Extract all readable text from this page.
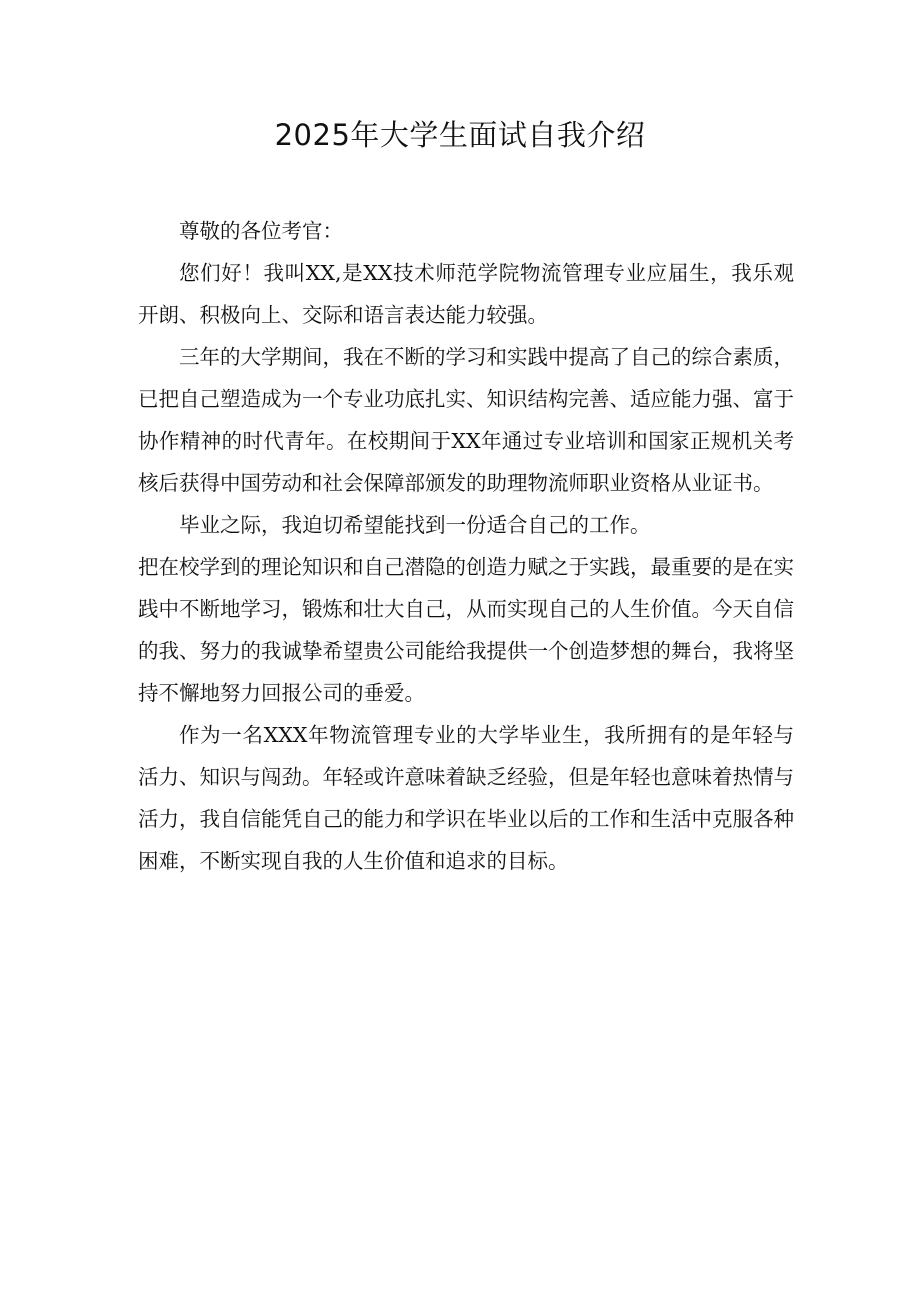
2025年大学生面试自我介绍

尊敬的各位考官：

您们好！我叫XX,是XX技术师范学院物流管理专业应届生，我乐观开朗、积极向上、交际和语言表达能力较强。

三年的大学期间，我在不断的学习和实践中提高了自己的综合素质，已把自己塑造成为一个专业功底扎实、知识结构完善、适应能力强、富于协作精神的时代青年。在校期间于XX年通过专业培训和国家正规机关考核后获得中国劳动和社会保障部颁发的助理物流师职业资格从业证书。

毕业之际，我迫切希望能找到一份适合自己的工作。

把在校学到的理论知识和自己潜隐的创造力赋之于实践，最重要的是在实践中不断地学习，锻炼和壮大自己，从而实现自己的人生价值。今天自信的我、努力的我诚挚希望贵公司能给我提供一个创造梦想的舞台，我将坚持不懈地努力回报公司的垂爱。

作为一名XXX年物流管理专业的大学毕业生，我所拥有的是年轻与活力、知识与闯劲。年轻或许意味着缺乏经验，但是年轻也意味着热情与活力，我自信能凭自己的能力和学识在毕业以后的工作和生活中克服各种困难，不断实现自我的人生价值和追求的目标。
